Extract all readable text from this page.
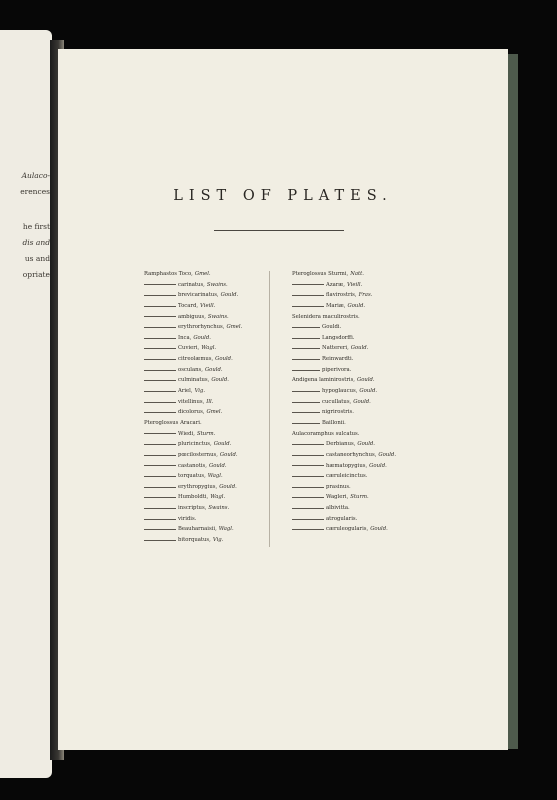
Aulaco-
erences
he first
dis and
us and
opriate
LIST OF PLATES.
Ramphastos Toco, Gmel.
carinatus, Swains.
brevicarinatus, Gould.
Tocard, Vieill.
ambiguus, Swains.
erythrorhynchus, Gmel.
Inca, Gould.
Cuvieri, Wagl.
citreolæmus, Gould.
osculans, Gould.
culminatus, Gould.
Ariel, Vig.
vitellinus, Ill.
dicolorus, Gmel.
Pteroglossus Aracari.
Wiedi, Sturm.
pluricinctus, Gould.
pœcilosternus, Gould.
castanotis, Gould.
torquatus, Wagl.
erythropygius, Gould.
Humboldti, Wagl.
inscriptus, Swains.
viridis.
Beauharnaisii, Wagl.
bitorquatus, Vig.
Pteroglossus Sturmi, Natt.
Azaræ, Vieill.
flavirostris, Fras.
Mariæ, Gould.
Selenidera maculirostris.
Gouldi.
Langsdorffi.
Nattereri, Gould.
Reinwardti.
piperivora.
Andigena laminirostris, Gould.
hypoglaucus, Gould.
cucullatus, Gould.
nigrirostris.
Baillonii.
Aulacoramphus sulcatus.
Derbianus, Gould.
castaneorhynchus, Gould.
hæmatopygius, Gould.
cæruleicinctus.
prasinus.
Wagleri, Sturm.
albivitta.
atrogularis.
cæruleogularis, Gould.
